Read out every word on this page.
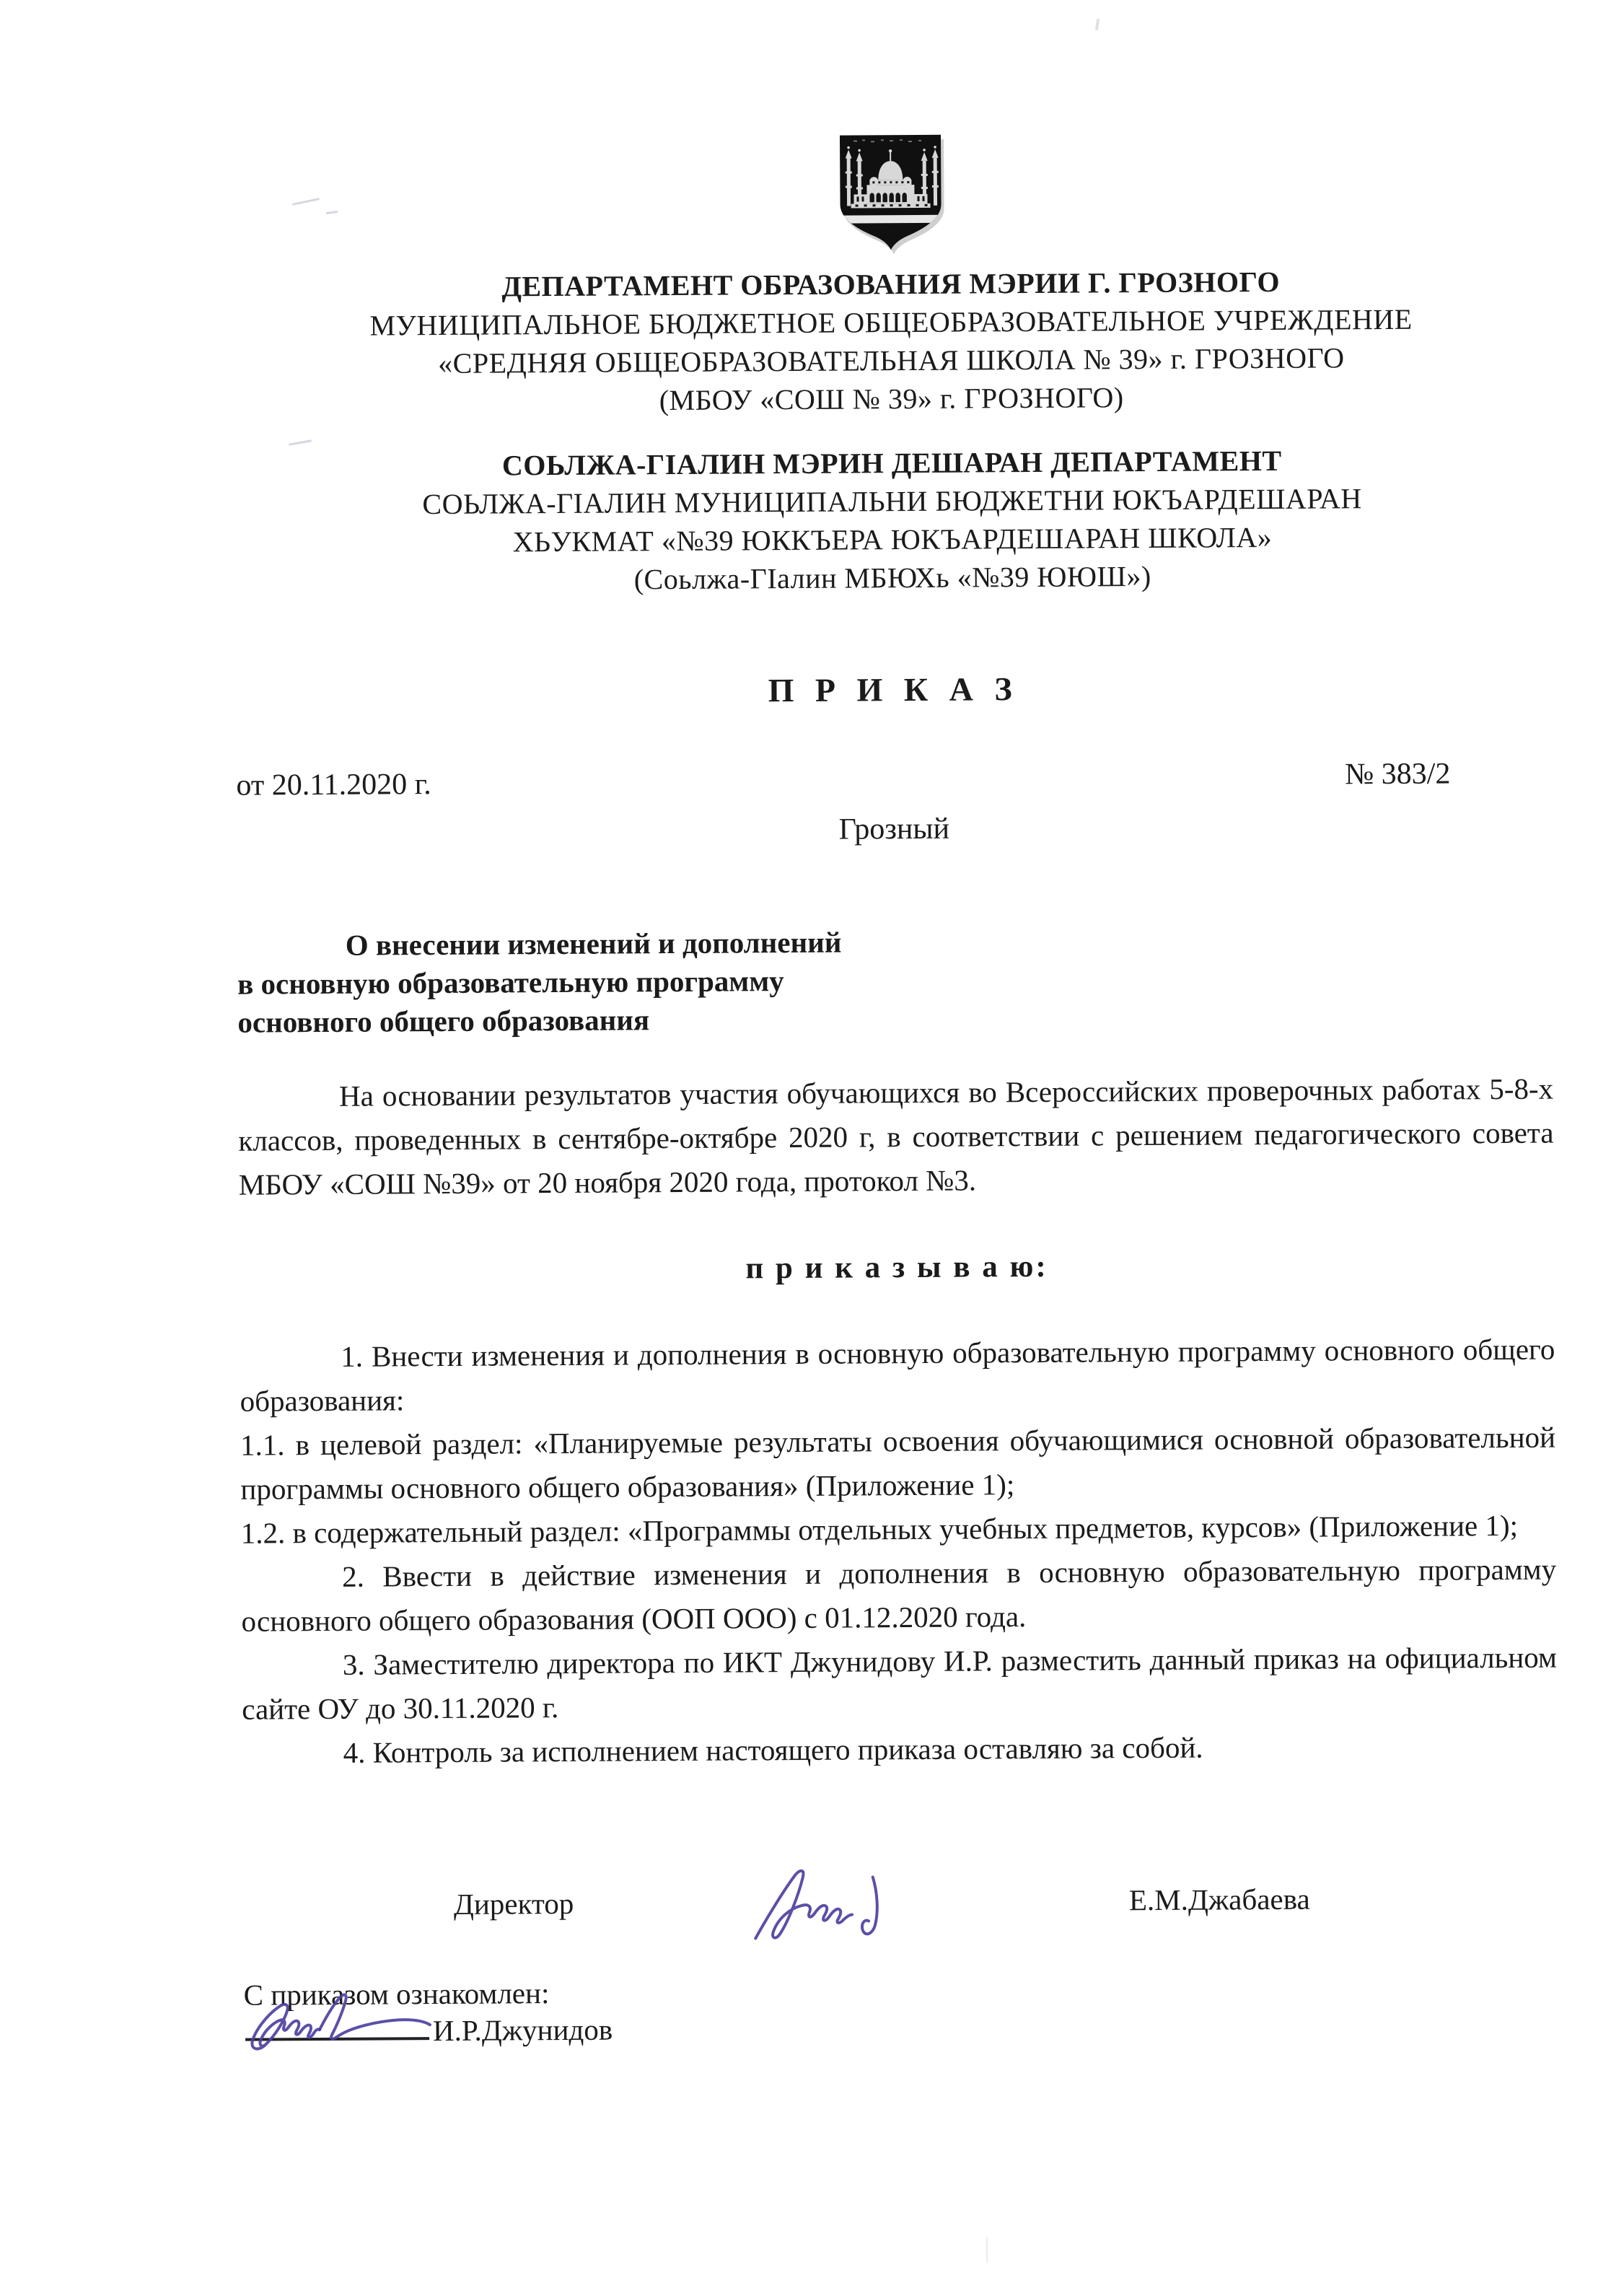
ДЕПАРТАМЕНТ ОБРАЗОВАНИЯ МЭРИИ Г. ГРОЗНОГО
МУНИЦИПАЛЬНОЕ БЮДЖЕТНОЕ ОБЩЕОБРАЗОВАТЕЛЬНОЕ УЧРЕЖДЕНИЕ
«СРЕДНЯЯ ОБЩЕОБРАЗОВАТЕЛЬНАЯ ШКОЛА № 39» г. ГРОЗНОГО
(МБОУ «СОШ № 39» г. ГРОЗНОГО)
СОЬЛЖА-ГІАЛИН МЭРИН ДЕШАРАН ДЕПАРТАМЕНТ
СОЬЛЖА-ГІАЛИН МУНИЦИПАЛЬНИ БЮДЖЕТНИ ЮКЪАРДЕШАРАН
ХЬУКМАТ «№39 ЮККЪЕРА ЮКЪАРДЕШАРАН ШКОЛА»
(Соьлжа-ГІалин МБЮХь «№39 ЮЮШ»)
П Р И К А З
от 20.11.2020 г.	№ 383/2
Грозный
О внесении изменений и дополнений
в основную образовательную программу
основного общего образования

На основании результатов участия обучающихся во Всероссийских проверочных работах 5-8-х классов, проведенных в сентябре-октябре 2020 г, в соответствии с решением педагогического совета МБОУ «СОШ №39» от 20 ноября 2020 года, протокол №3.

п р и к а з ы в а ю:

1. Внести изменения и дополнения в основную образовательную программу основного общего образования:

1.1. в целевой раздел: «Планируемые результаты освоения обучающимися основной образовательной программы основного общего образования» (Приложение 1);

1.2. в содержательный раздел: «Программы отдельных учебных предметов, курсов» (Приложение 1);

2. Ввести в действие изменения и дополнения в основную образовательную программу основного общего образования (ООП ООО) с 01.12.2020 года.

3. Заместителю директора по ИКТ Джунидову И.Р. разместить данный приказ на официальном сайте ОУ до 30.11.2020 г.

4. Контроль за исполнением настоящего приказа оставляю за собой.

Директор	Е.М.Джабаева
С приказом ознакомлен:
И.Р.Джунидов
